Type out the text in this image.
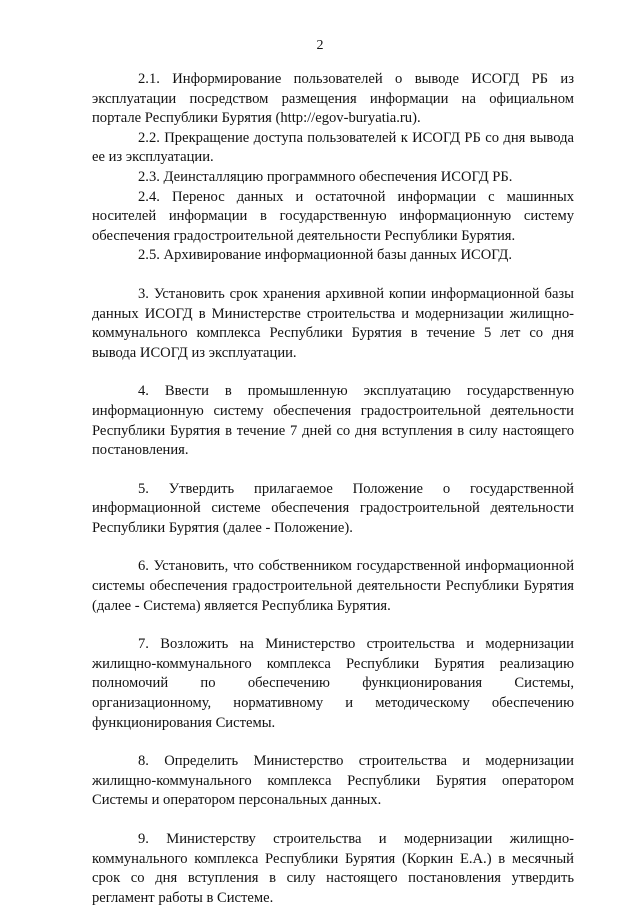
2

2.1. Информирование пользователей о выводе ИСОГД РБ из эксплуатации посредством размещения информации на официальном портале Республики Бурятия (http://egov-buryatia.ru).

2.2. Прекращение доступа пользователей к ИСОГД РБ со дня вывода ее из эксплуатации.

2.3. Деинсталляцию программного обеспечения ИСОГД РБ.

2.4. Перенос данных и остаточной информации с машинных носителей информации в государственную информационную систему обеспечения градостроительной деятельности Республики Бурятия.

2.5. Архивирование информационной базы данных ИСОГД.

3. Установить срок хранения архивной копии информационной базы данных ИСОГД в Министерстве строительства и модернизации жилищно-коммунального комплекса Республики Бурятия в течение 5 лет со дня вывода ИСОГД из эксплуатации.

4. Ввести в промышленную эксплуатацию государственную информационную систему обеспечения градостроительной деятельности Республики Бурятия в течение 7 дней со дня вступления в силу настоящего постановления.

5. Утвердить прилагаемое Положение о государственной информационной системе обеспечения градостроительной деятельности Республики Бурятия (далее - Положение).

6. Установить, что собственником государственной информационной системы обеспечения градостроительной деятельности Республики Бурятия (далее - Система) является Республика Бурятия.

7. Возложить на Министерство строительства и модернизации жилищно-коммунального комплекса Республики Бурятия реализацию полномочий по обеспечению функционирования Системы, организационному, нормативному и методическому обеспечению функционирования Системы.

8. Определить Министерство строительства и модернизации жилищно-коммунального комплекса Республики Бурятия оператором Системы и оператором персональных данных.

9. Министерству строительства и модернизации жилищно-коммунального комплекса Республики Бурятия (Коркин Е.А.) в месячный срок со дня вступления в силу настоящего постановления утвердить регламент работы в Системе.
